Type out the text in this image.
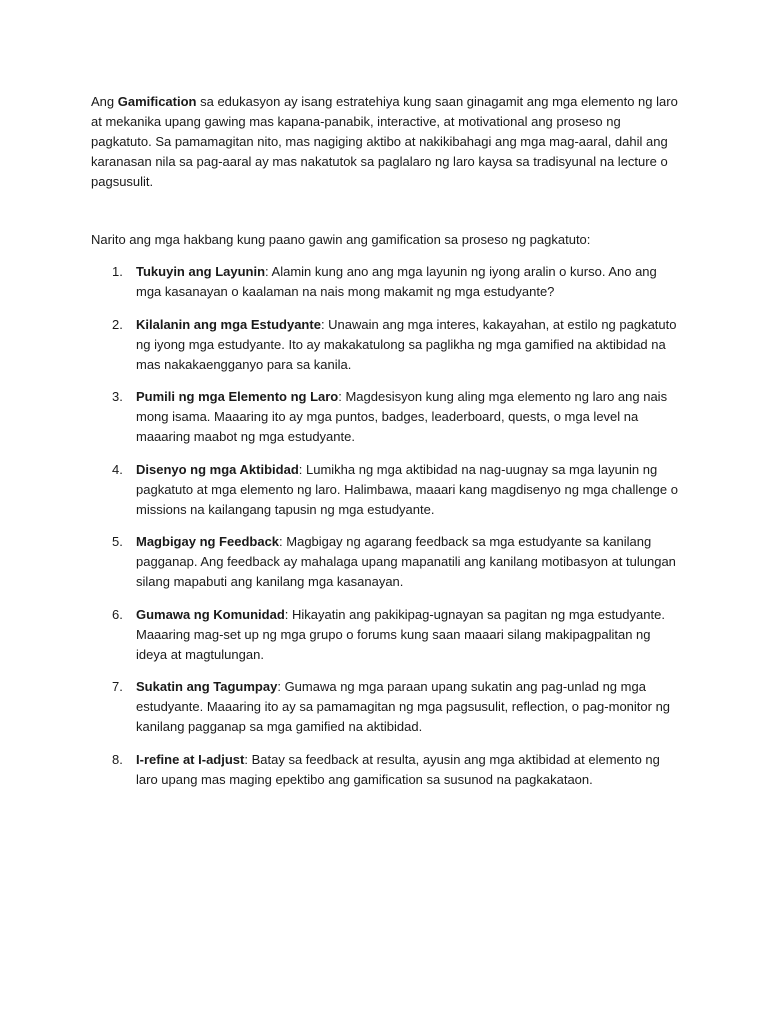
Ang Gamification sa edukasyon ay isang estratehiya kung saan ginagamit ang mga elemento ng laro at mekanika upang gawing mas kapana-panabik, interactive, at motivational ang proseso ng pagkatuto. Sa pamamagitan nito, mas nagiging aktibo at nakikibahagi ang mga mag-aaral, dahil ang karanasan nila sa pag-aaral ay mas nakatutok sa paglalaro ng laro kaysa sa tradisyunal na lecture o pagsusulit.

Narito ang mga hakbang kung paano gawin ang gamification sa proseso ng pagkatuto:

1. Tukuyin ang Layunin: Alamin kung ano ang mga layunin ng iyong aralin o kurso. Ano ang mga kasanayan o kaalaman na nais mong makamit ng mga estudyante?
2. Kilalanin ang mga Estudyante: Unawain ang mga interes, kakayahan, at estilo ng pagkatuto ng iyong mga estudyante. Ito ay makakatulong sa paglikha ng mga gamified na aktibidad na mas nakakaengganyo para sa kanila.
3. Pumili ng mga Elemento ng Laro: Magdesisyon kung aling mga elemento ng laro ang nais mong isama. Maaaring ito ay mga puntos, badges, leaderboard, quests, o mga level na maaaring maabot ng mga estudyante.
4. Disenyo ng mga Aktibidad: Lumikha ng mga aktibidad na nag-uugnay sa mga layunin ng pagkatuto at mga elemento ng laro. Halimbawa, maaari kang magdisenyo ng mga challenge o missions na kailangang tapusin ng mga estudyante.
5. Magbigay ng Feedback: Magbigay ng agarang feedback sa mga estudyante sa kanilang pagganap. Ang feedback ay mahalaga upang mapanatili ang kanilang motibasyon at tulungan silang mapabuti ang kanilang mga kasanayan.
6. Gumawa ng Komunidad: Hikayatin ang pakikipag-ugnayan sa pagitan ng mga estudyante. Maaaring mag-set up ng mga grupo o forums kung saan maaari silang makipagpalitan ng ideya at magtulungan.
7. Sukatin ang Tagumpay: Gumawa ng mga paraan upang sukatin ang pag-unlad ng mga estudyante. Maaaring ito ay sa pamamagitan ng mga pagsusulit, reflection, o pag-monitor ng kanilang pagganap sa mga gamified na aktibidad.
8. I-refine at I-adjust: Batay sa feedback at resulta, ayusin ang mga aktibidad at elemento ng laro upang mas maging epektibo ang gamification sa susunod na pagkakataon.
